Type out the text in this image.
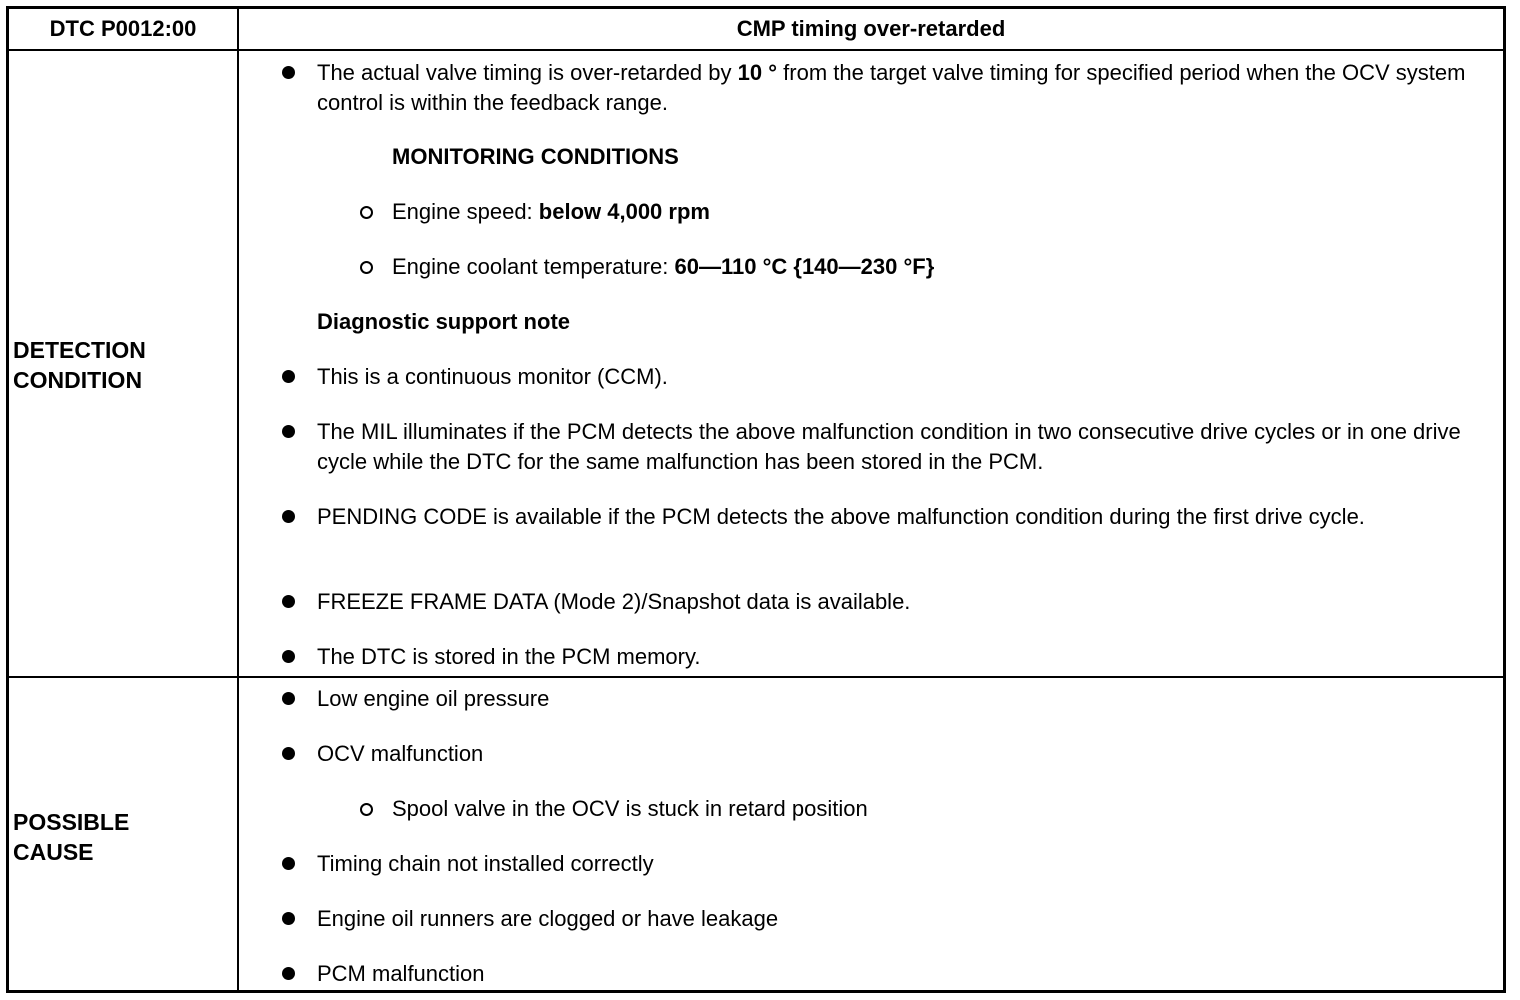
DTC P0012:00	CMP timing over-retarded
DETECTION
CONDITION
The actual valve timing is over-retarded by 10 ° from the target valve timing for specified period when the OCV system control is within the feedback range.
MONITORING CONDITIONS
Engine speed: below 4,000 rpm
Engine coolant temperature: 60—110 °C {140—230 °F}
Diagnostic support note
This is a continuous monitor (CCM).
The MIL illuminates if the PCM detects the above malfunction condition in two consecutive drive cycles or in one drive cycle while the DTC for the same malfunction has been stored in the PCM.
PENDING CODE is available if the PCM detects the above malfunction condition during the first drive cycle.
FREEZE FRAME DATA (Mode 2)/Snapshot data is available.
The DTC is stored in the PCM memory.
POSSIBLE
CAUSE
Low engine oil pressure
OCV malfunction
Spool valve in the OCV is stuck in retard position
Timing chain not installed correctly
Engine oil runners are clogged or have leakage
PCM malfunction
